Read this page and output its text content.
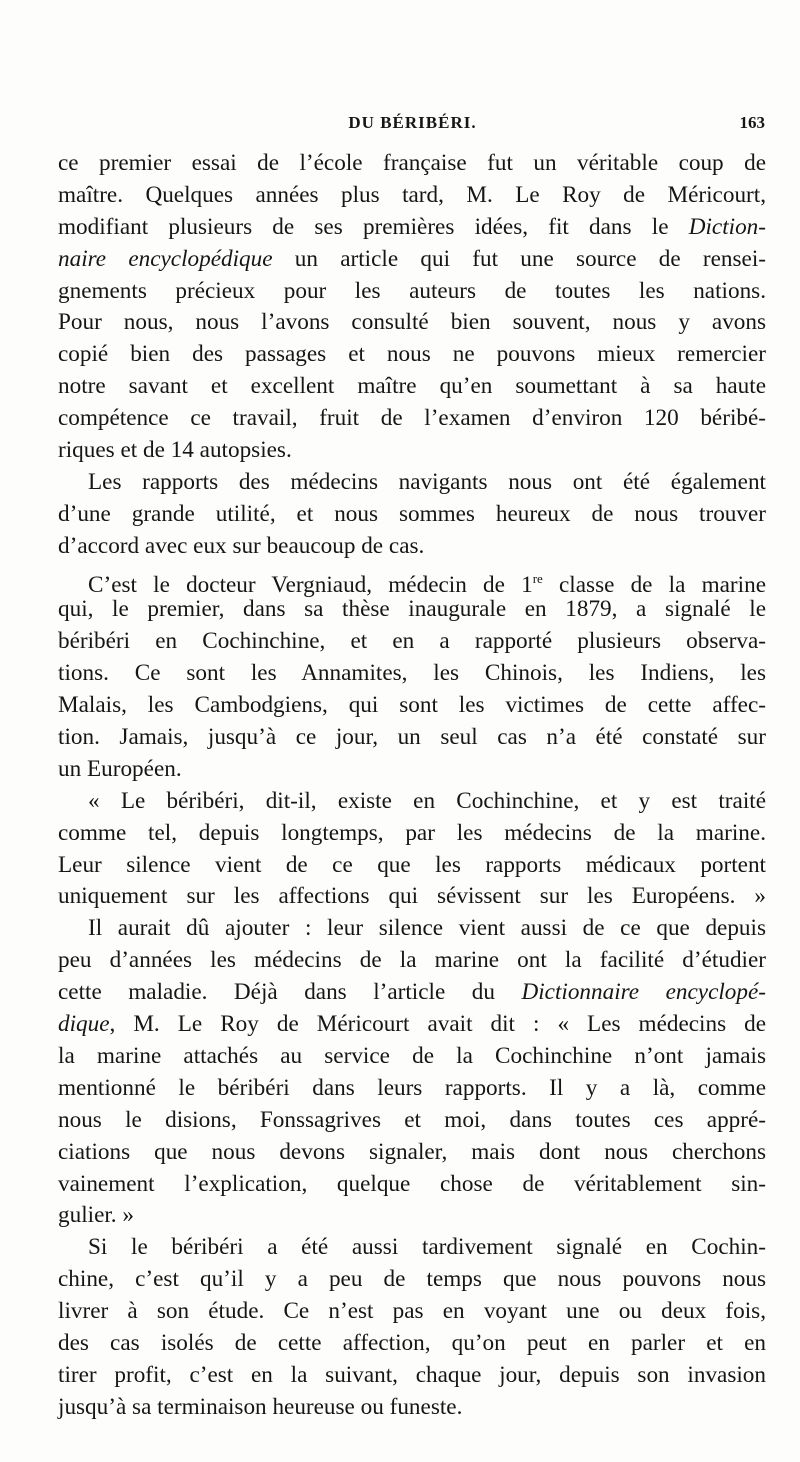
DU BÉRIBÉRI.	163
ce premier essai de l’école française fut un véritable coup de
maître. Quelques années plus tard, M. Le Roy de Méricourt,
modifiant plusieurs de ses premières idées, fit dans le Diction-
naire encyclopédique un article qui fut une source de rensei-
gnements précieux pour les auteurs de toutes les nations.
Pour nous, nous l’avons consulté bien souvent, nous y avons
copié bien des passages et nous ne pouvons mieux remercier
notre savant et excellent maître qu’en soumettant à sa haute
compétence ce travail, fruit de l’examen d’environ 120 béribé-
riques et de 14 autopsies.
Les rapports des médecins navigants nous ont été également
d’une grande utilité, et nous sommes heureux de nous trouver
d’accord avec eux sur beaucoup de cas.
C’est le docteur Vergniaud, médecin de 1re classe de la marine
qui, le premier, dans sa thèse inaugurale en 1879, a signalé le
béribéri en Cochinchine, et en a rapporté plusieurs observa-
tions. Ce sont les Annamites, les Chinois, les Indiens, les
Malais, les Cambodgiens, qui sont les victimes de cette affec-
tion. Jamais, jusqu’à ce jour, un seul cas n’a été constaté sur
un Européen.
« Le béribéri, dit-il, existe en Cochinchine, et y est traité
comme tel, depuis longtemps, par les médecins de la marine.
Leur silence vient de ce que les rapports médicaux portent
uniquement sur les affections qui sévissent sur les Européens. »
Il aurait dû ajouter : leur silence vient aussi de ce que depuis
peu d’années les médecins de la marine ont la facilité d’étudier
cette maladie. Déjà dans l’article du Dictionnaire encyclopé-
dique, M. Le Roy de Méricourt avait dit : « Les médecins de
la marine attachés au service de la Cochinchine n’ont jamais
mentionné le béribéri dans leurs rapports. Il y a là, comme
nous le disions, Fonssagrives et moi, dans toutes ces appré-
ciations que nous devons signaler, mais dont nous cherchons
vainement l’explication, quelque chose de véritablement sin-
gulier. »
Si le béribéri a été aussi tardivement signalé en Cochin-
chine, c’est qu’il y a peu de temps que nous pouvons nous
livrer à son étude. Ce n’est pas en voyant une ou deux fois,
des cas isolés de cette affection, qu’on peut en parler et en
tirer profit, c’est en la suivant, chaque jour, depuis son invasion
jusqu’à sa terminaison heureuse ou funeste.
